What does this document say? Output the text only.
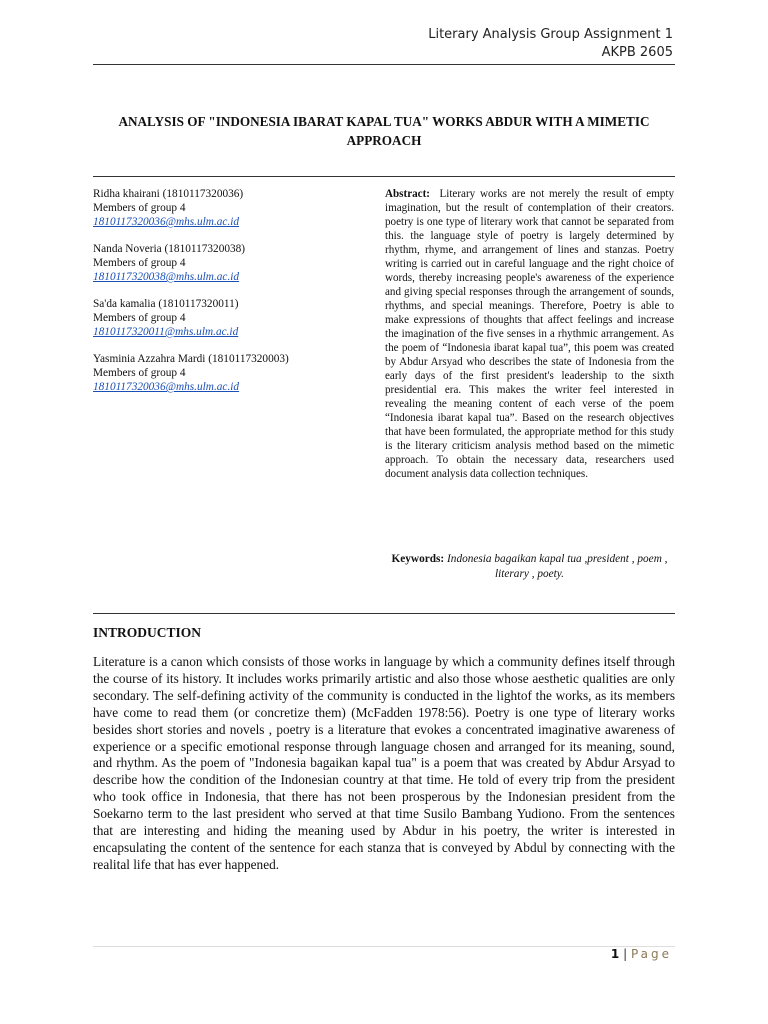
Literary Analysis Group Assignment 1
AKPB 2605
ANALYSIS OF "INDONESIA IBARAT KAPAL TUA" WORKS ABDUR WITH A MIMETIC APPROACH
Ridha khairani (1810117320036)
Members of group 4
1810117320036@mhs.ulm.ac.id
Nanda Noveria (1810117320038)
Members of group 4
1810117320038@mhs.ulm.ac.id
Sa'da kamalia (1810117320011)
Members of group 4
1810117320011@mhs.ulm.ac.id
Yasminia Azzahra Mardi (1810117320003)
Members of group 4
1810117320036@mhs.ulm.ac.id
Abstract: Literary works are not merely the result of empty imagination, but the result of contemplation of their creators. poetry is one type of literary work that cannot be separated from this. the language style of poetry is largely determined by rhythm, rhyme, and arrangement of lines and stanzas. Poetry writing is carried out in careful language and the right choice of words, thereby increasing people's awareness of the experience and giving special responses through the arrangement of sounds, rhythms, and special meanings. Therefore, Poetry is able to make expressions of thoughts that affect feelings and increase the imagination of the five senses in a rhythmic arrangement. As the poem of “Indonesia ibarat kapal tua”, this poem was created by Abdur Arsyad who describes the state of Indonesia from the early days of the first president's leadership to the sixth presidential era. This makes the writer feel interested in revealing the meaning content of each verse of the poem “Indonesia ibarat kapal tua”. Based on the research objectives that have been formulated, the appropriate method for this study is the literary criticism analysis method based on the mimetic approach. To obtain the necessary data, researchers used document analysis data collection techniques.
Keywords: Indonesia bagaikan kapal tua ,president , poem , literary , poety.
INTRODUCTION
Literature is a canon which consists of those works in language by which a community defines itself through the course of its history. It includes works primarily artistic and also those whose aesthetic qualities are only secondary. The self-defining activity of the community is conducted in the lightof the works, as its members have come to read them (or concretize them) (McFadden 1978:56). Poetry is one type of literary works besides short stories and novels , poetry is a literature that evokes a concentrated imaginative awareness of experience or a specific emotional response through language chosen and arranged for its meaning, sound, and rhythm. As the poem of "Indonesia bagaikan kapal tua" is a poem that was created by Abdur Arsyad to describe how the condition of the Indonesian country at that time. He told of every trip from the president who took office in Indonesia, that there has not been prosperous by the Indonesian president from the Soekarno term to the last president who served at that time Susilo Bambang Yudiono. From the sentences that are interesting and hiding the meaning used by Abdur in his poetry, the writer is interested in encapsulating the content of the sentence for each stanza that is conveyed by Abdul by connecting with the realital life that has ever happened.
1 | Page
